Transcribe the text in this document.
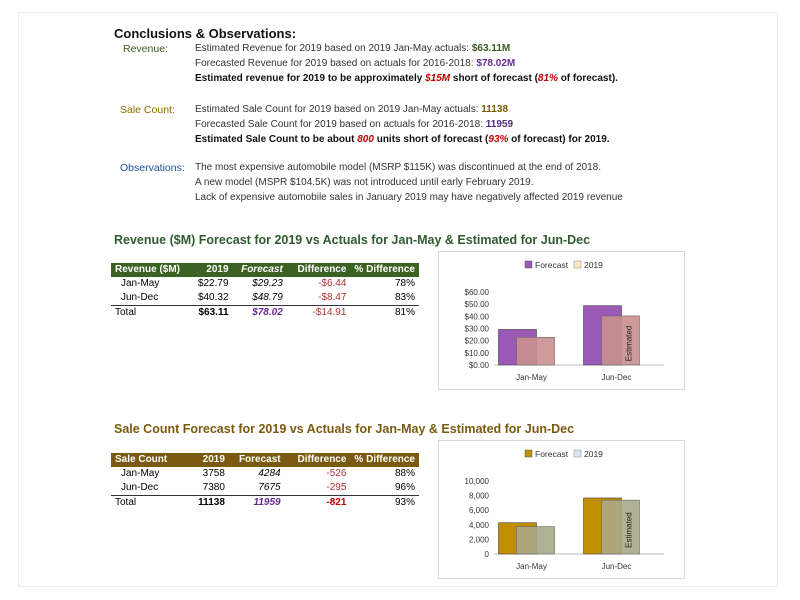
Conclusions & Observations:
Revenue:	Estimated Revenue for 2019 based on 2019 Jan-May actuals: $63.11M
Forecasted Revenue for 2019 based on actuals for 2016-2018: $78.02M
Estimated revenue for 2019 to be approximately $15M short of forecast (81% of forecast).
Sale Count: Estimated Sale Count for 2019 based on 2019 Jan-May actuals: 11138
Forecasted Sale Count for 2019 based on actuals for 2016-2018: 11959
Estimated Sale Count to be about 800 units short of forecast (93% of forecast) for 2019.
Observations: The most expensive automobile model (MSRP $115K) was discontinued at the end of 2018.
A new model (MSPR $104.5K) was not introduced until early February 2019.
Lack of expensive automobile sales in January 2019 may have negatively affected 2019 revenue
Revenue ($M) Forecast for 2019 vs Actuals for Jan-May & Estimated for Jun-Dec
Revenue ($M)	2019	Forecast	Difference	% Difference
Jan-May	$22.79	$29.23	-$6.44	78%
Jun-Dec	$40.32	$48.79	-$8.47	83%
Total	$63.11	$78.02	-$14.91	81%
Forecast 2019
$0.00
$10.00
$20.00
$30.00
$40.00
$50.00
$60.00
Jan-May	Jun-Dec
Estimated
Sale Count Forecast for 2019 vs Actuals for Jan-May & Estimated for Jun-Dec
Sale Count	2019	Forecast	Difference	% Difference
Jan-May	3758	4284	-526	88%
Jun-Dec	7380	7675	-295	96%
Total	11138	11959	-821	93%
Forecast 2019
0
2,000
4,000
6,000
8,000
10,000
Jan-May	Jun-Dec
Estimated
